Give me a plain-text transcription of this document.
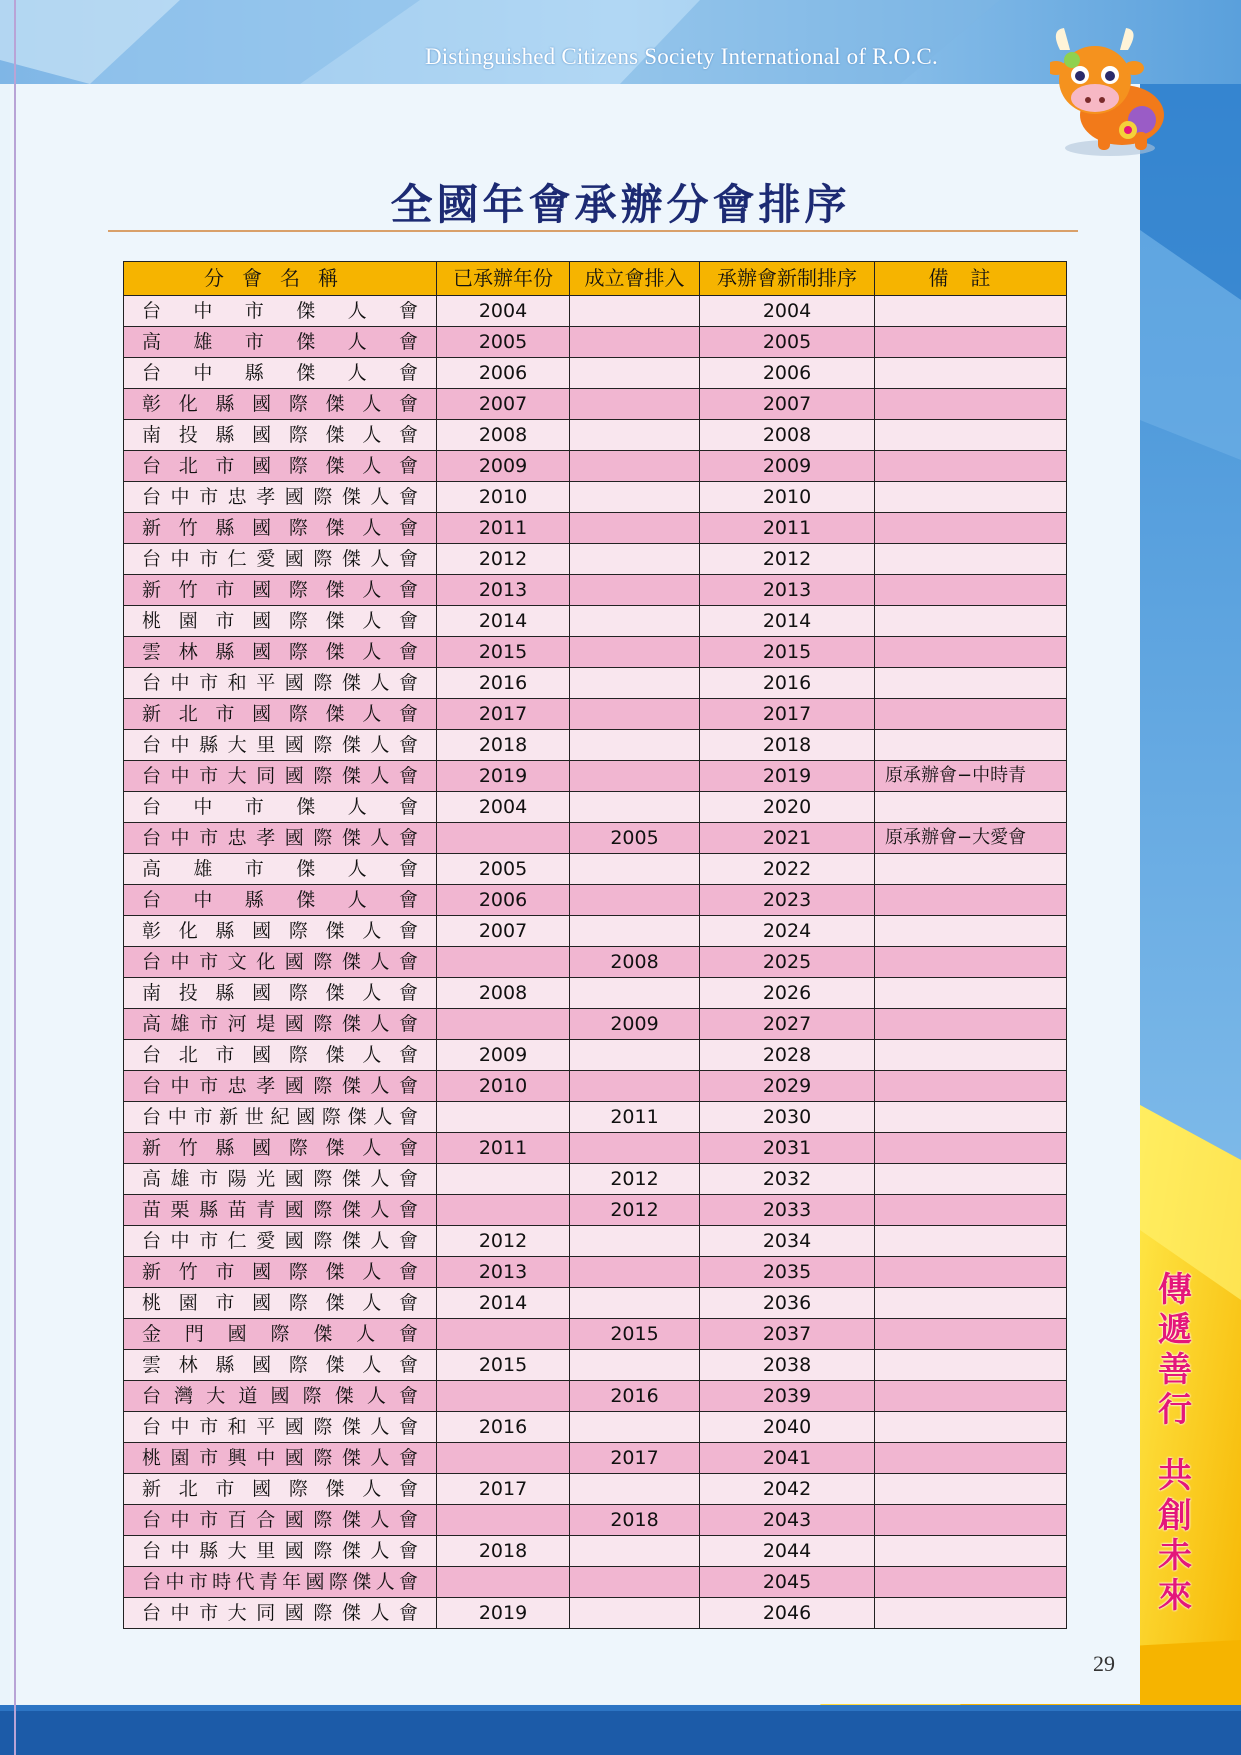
Distinguished Citizens Society International of R.O.C.
全國年會承辦分會排序
分會名稱	已承辦年份	成立會排入	承辦會新制排序	備註
台中市傑人會	2004		2004	
高雄市傑人會	2005		2005	
台中縣傑人會	2006		2006	
彰化縣國際傑人會	2007		2007	
南投縣國際傑人會	2008		2008	
台北市國際傑人會	2009		2009	
台中市忠孝國際傑人會	2010		2010	
新竹縣國際傑人會	2011		2011	
台中市仁愛國際傑人會	2012		2012	
新竹市國際傑人會	2013		2013	
桃園市國際傑人會	2014		2014	
雲林縣國際傑人會	2015		2015	
台中市和平國際傑人會	2016		2016	
新北市國際傑人會	2017		2017	
台中縣大里國際傑人會	2018		2018	
台中市大同國際傑人會	2019		2019	原承辦會−中時青
台中市傑人會	2004		2020	
台中市忠孝國際傑人會		2005	2021	原承辦會−大愛會
高雄市傑人會	2005		2022	
台中縣傑人會	2006		2023	
彰化縣國際傑人會	2007		2024	
台中市文化國際傑人會		2008	2025	
南投縣國際傑人會	2008		2026	
高雄市河堤國際傑人會		2009	2027	
台北市國際傑人會	2009		2028	
台中市忠孝國際傑人會	2010		2029	
台中市新世紀國際傑人會		2011	2030	
新竹縣國際傑人會	2011		2031	
高雄市陽光國際傑人會		2012	2032	
苗栗縣苗青國際傑人會		2012	2033	
台中市仁愛國際傑人會	2012		2034	
新竹市國際傑人會	2013		2035	
桃園市國際傑人會	2014		2036	
金門國際傑人會		2015	2037	
雲林縣國際傑人會	2015		2038	
台灣大道國際傑人會		2016	2039	
台中市和平國際傑人會	2016		2040	
桃園市興中國際傑人會		2017	2041	
新北市國際傑人會	2017		2042	
台中市百合國際傑人會		2018	2043	
台中縣大里國際傑人會	2018		2044	
台中市時代青年國際傑人會			2045	
台中市大同國際傑人會	2019		2046	
傳遞善行
共創未來
29
